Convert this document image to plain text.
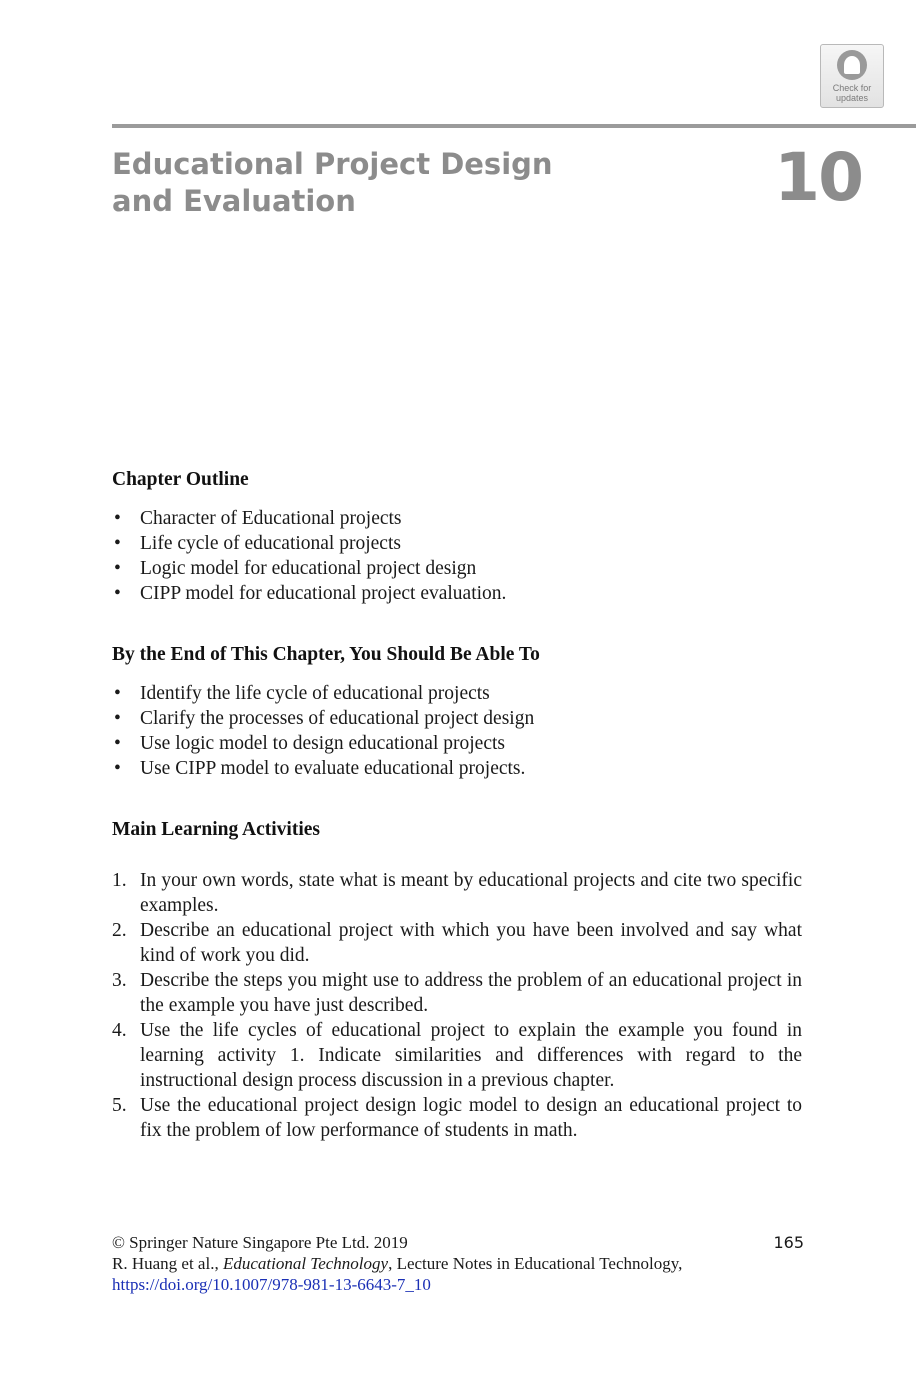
Check for
updates
Educational Project Design
and Evaluation	10
Chapter Outline
• Character of Educational projects
• Life cycle of educational projects
• Logic model for educational project design
• CIPP model for educational project evaluation.
By the End of This Chapter, You Should Be Able To
• Identify the life cycle of educational projects
• Clarify the processes of educational project design
• Use logic model to design educational projects
• Use CIPP model to evaluate educational projects.
Main Learning Activities
1. In your own words, state what is meant by educational projects and cite two specific examples.
2. Describe an educational project with which you have been involved and say what kind of work you did.
3. Describe the steps you might use to address the problem of an educational project in the example you have just described.
4. Use the life cycles of educational project to explain the example you found in learning activity 1. Indicate similarities and differences with regard to the instructional design process discussion in a previous chapter.
5. Use the educational project design logic model to design an educational project to fix the problem of low performance of students in math.
© Springer Nature Singapore Pte Ltd. 2019
R. Huang et al., Educational Technology, Lecture Notes in Educational Technology,
https://doi.org/10.1007/978-981-13-6643-7_10
165
